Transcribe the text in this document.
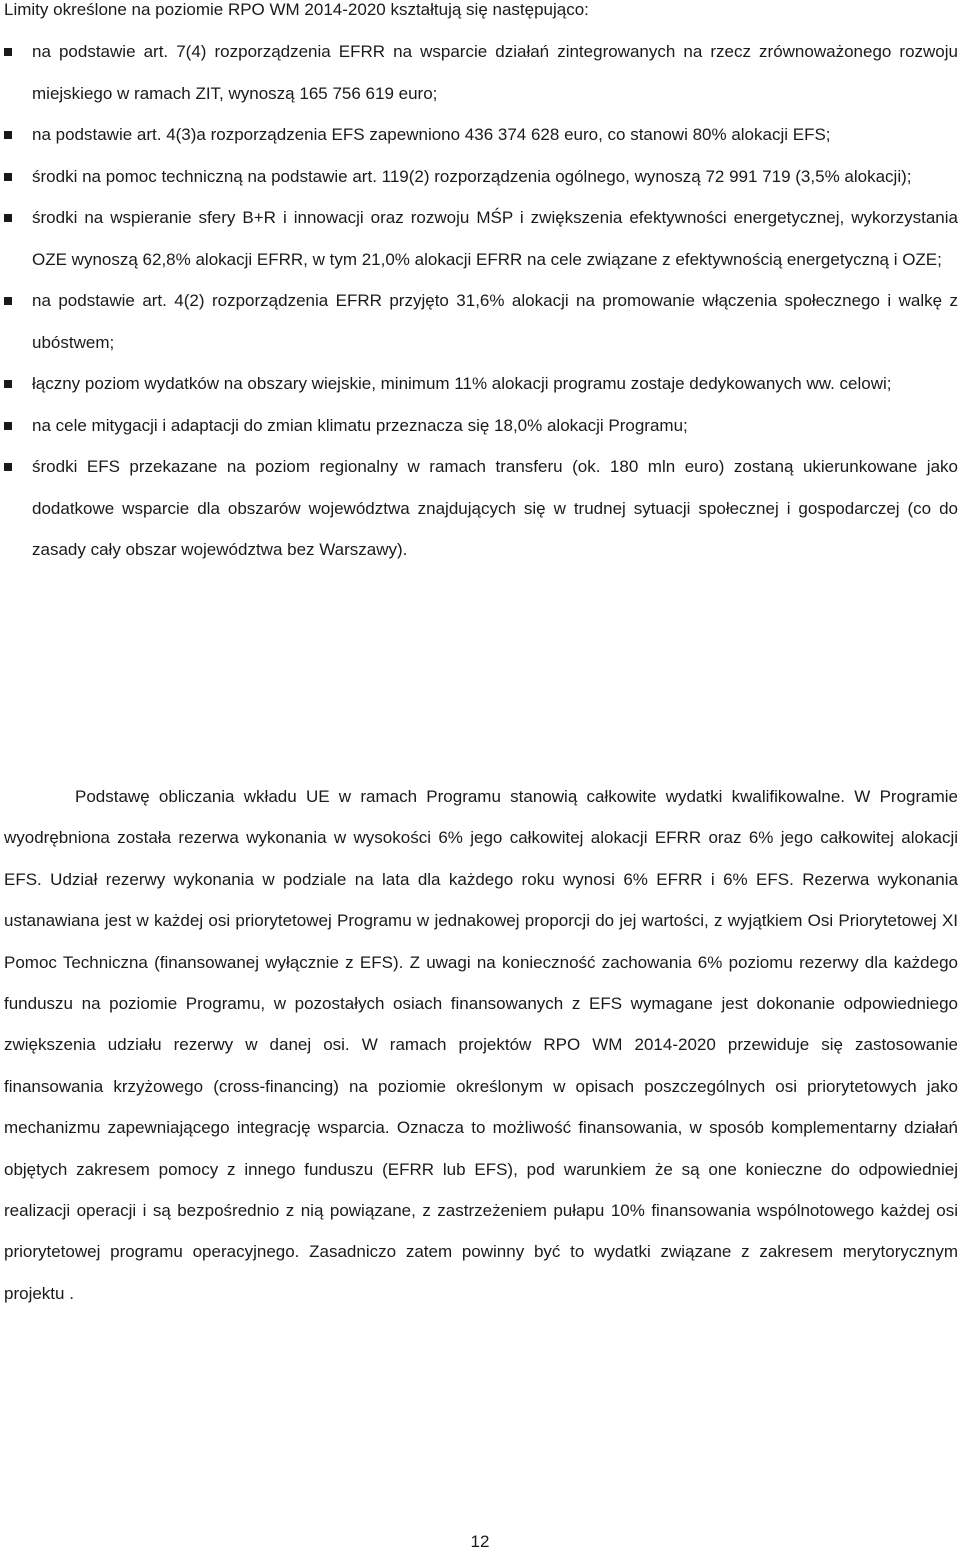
Limity określone na poziomie RPO WM 2014-2020 kształtują się następująco:

na podstawie art. 7(4) rozporządzenia EFRR na wsparcie działań zintegrowanych na rzecz zrównoważonego rozwoju miejskiego w ramach ZIT, wynoszą 165 756 619 euro;
na podstawie art. 4(3)a rozporządzenia EFS zapewniono 436 374 628 euro, co stanowi 80% alokacji EFS;
środki na pomoc techniczną na podstawie art. 119(2) rozporządzenia ogólnego, wynoszą 72 991 719 (3,5% alokacji);
środki na wspieranie sfery B+R i innowacji oraz rozwoju MŚP i zwiększenia efektywności energetycznej, wykorzystania OZE wynoszą 62,8% alokacji EFRR, w tym 21,0% alokacji EFRR na cele związane z efektywnością energetyczną i OZE;
na podstawie art. 4(2) rozporządzenia EFRR przyjęto 31,6% alokacji na promowanie włączenia społecznego i walkę z ubóstwem;
łączny poziom wydatków na obszary wiejskie, minimum 11% alokacji programu zostaje dedykowanych ww. celowi;
na cele mitygacji i adaptacji do zmian klimatu przeznacza się 18,0% alokacji Programu;
środki EFS przekazane na poziom regionalny w ramach transferu (ok. 180 mln euro) zostaną ukierunkowane jako dodatkowe wsparcie dla obszarów województwa znajdujących się w trudnej sytuacji społecznej i gospodarczej (co do zasady cały obszar województwa bez Warszawy).

Podstawę obliczania wkładu UE w ramach Programu stanowią całkowite wydatki kwalifikowalne. W Programie wyodrębniona została rezerwa wykonania w wysokości 6% jego całkowitej alokacji EFRR oraz 6% jego całkowitej alokacji EFS. Udział rezerwy wykonania w podziale na lata dla każdego roku wynosi 6% EFRR i 6% EFS. Rezerwa wykonania ustanawiana jest w każdej osi priorytetowej Programu w jednakowej proporcji do jej wartości, z wyjątkiem Osi Priorytetowej XI Pomoc Techniczna (finansowanej wyłącznie z EFS). Z uwagi na konieczność zachowania 6% poziomu rezerwy dla każdego funduszu na poziomie Programu, w pozostałych osiach finansowanych z EFS wymagane jest dokonanie odpowiedniego zwiększenia udziału rezerwy w danej osi. W ramach projektów RPO WM 2014-2020 przewiduje się zastosowanie finansowania krzyżowego (cross-financing) na poziomie określonym w opisach poszczególnych osi priorytetowych jako mechanizmu zapewniającego integrację wsparcia. Oznacza to możliwość finansowania, w sposób komplementarny działań objętych zakresem pomocy z innego funduszu (EFRR lub EFS), pod warunkiem że są one konieczne do odpowiedniej realizacji operacji i są bezpośrednio z nią powiązane, z zastrzeżeniem pułapu 10% finansowania wspólnotowego każdej osi priorytetowej programu operacyjnego. Zasadniczo zatem powinny być to wydatki związane z zakresem merytorycznym projektu .

12
